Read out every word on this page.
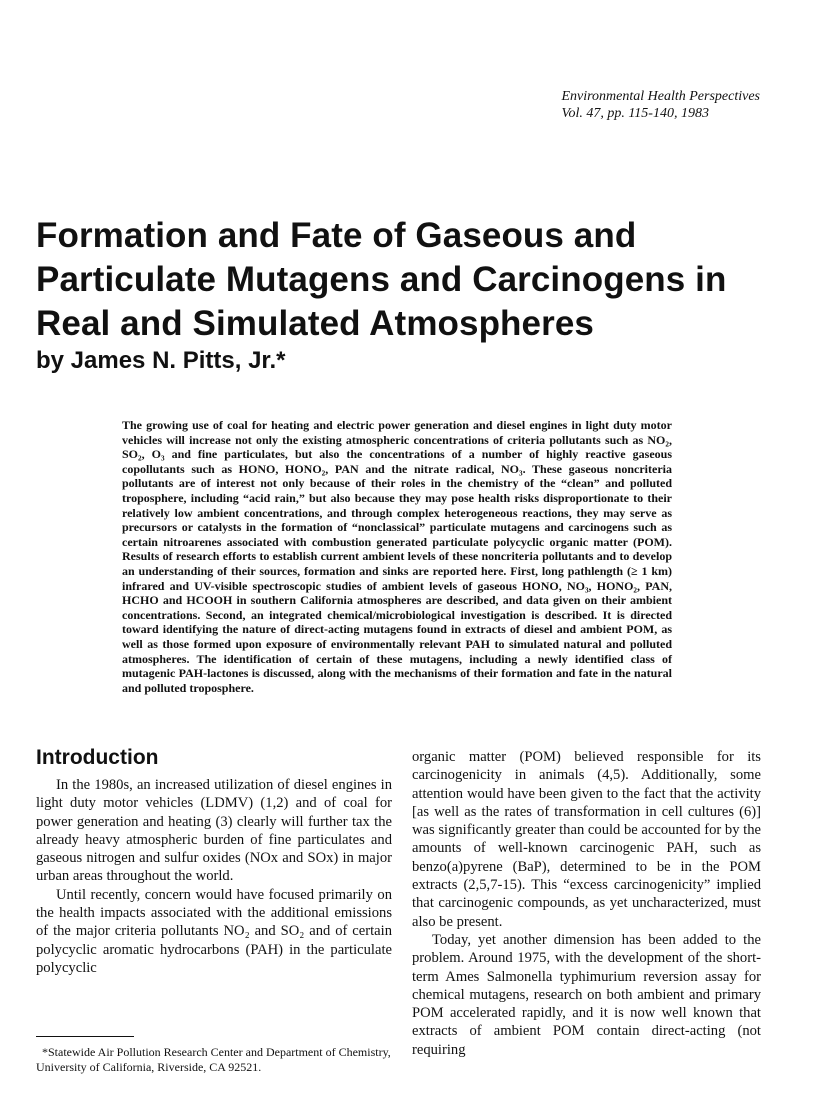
Environmental Health Perspectives
Vol. 47, pp. 115-140, 1983
Formation and Fate of Gaseous and Particulate Mutagens and Carcinogens in Real and Simulated Atmospheres
by James N. Pitts, Jr.*

The growing use of coal for heating and electric power generation and diesel engines in light duty motor vehicles will increase not only the existing atmospheric concentrations of criteria pollutants such as NO₂, SO₂, O₃ and fine particulates, but also the concentrations of a number of highly reactive gaseous copollutants such as HONO, HONO₂, PAN and the nitrate radical, NO₃. These gaseous noncriteria pollutants are of interest not only because of their roles in the chemistry of the “clean” and polluted troposphere, including “acid rain,” but also because they may pose health risks disproportionate to their relatively low ambient concentrations, and through complex heterogeneous reactions, they may serve as precursors or catalysts in the formation of “nonclassical” particulate mutagens and carcinogens such as certain nitroarenes associated with combustion generated particulate polycyclic organic matter (POM). Results of research efforts to establish current ambient levels of these noncriteria pollutants and to develop an understanding of their sources, formation and sinks are reported here. First, long pathlength (≥ 1 km) infrared and UV-visible spectroscopic studies of ambient levels of gaseous HONO, NO₃, HONO₂, PAN, HCHO and HCOOH in southern California atmospheres are described, and data given on their ambient concentrations. Second, an integrated chemical/microbiological investigation is described. It is directed toward identifying the nature of direct-acting mutagens found in extracts of diesel and ambient POM, as well as those formed upon exposure of environmentally relevant PAH to simulated natural and polluted atmospheres. The identification of certain of these mutagens, including a newly identified class of mutagenic PAH-lactones is discussed, along with the mechanisms of their formation and fate in the natural and polluted troposphere.

Introduction

In the 1980s, an increased utilization of diesel engines in light duty motor vehicles (LDMV) (1,2) and of coal for power generation and heating (3) clearly will further tax the already heavy atmospheric burden of fine particulates and gaseous nitrogen and sulfur oxides (NOx and SOx) in major urban areas throughout the world.

Until recently, concern would have focused primarily on the health impacts associated with the additional emissions of the major criteria pollutants NO₂ and SO₂ and of certain polycyclic aromatic hydrocarbons (PAH) in the particulate polycyclic

organic matter (POM) believed responsible for its carcinogenicity in animals (4,5). Additionally, some attention would have been given to the fact that the activity [as well as the rates of transformation in cell cultures (6)] was significantly greater than could be accounted for by the amounts of well-known carcinogenic PAH, such as benzo(a)pyrene (BaP), determined to be in the POM extracts (2,5,7-15). This “excess carcinogenicity” implied that carcinogenic compounds, as yet uncharacterized, must also be present.

Today, yet another dimension has been added to the problem. Around 1975, with the development of the short-term Ames Salmonella typhimurium reversion assay for chemical mutagens, research on both ambient and primary POM accelerated rapidly, and it is now well known that extracts of ambient POM contain direct-acting (not requiring

*Statewide Air Pollution Research Center and Department of Chemistry, University of California, Riverside, CA 92521.
